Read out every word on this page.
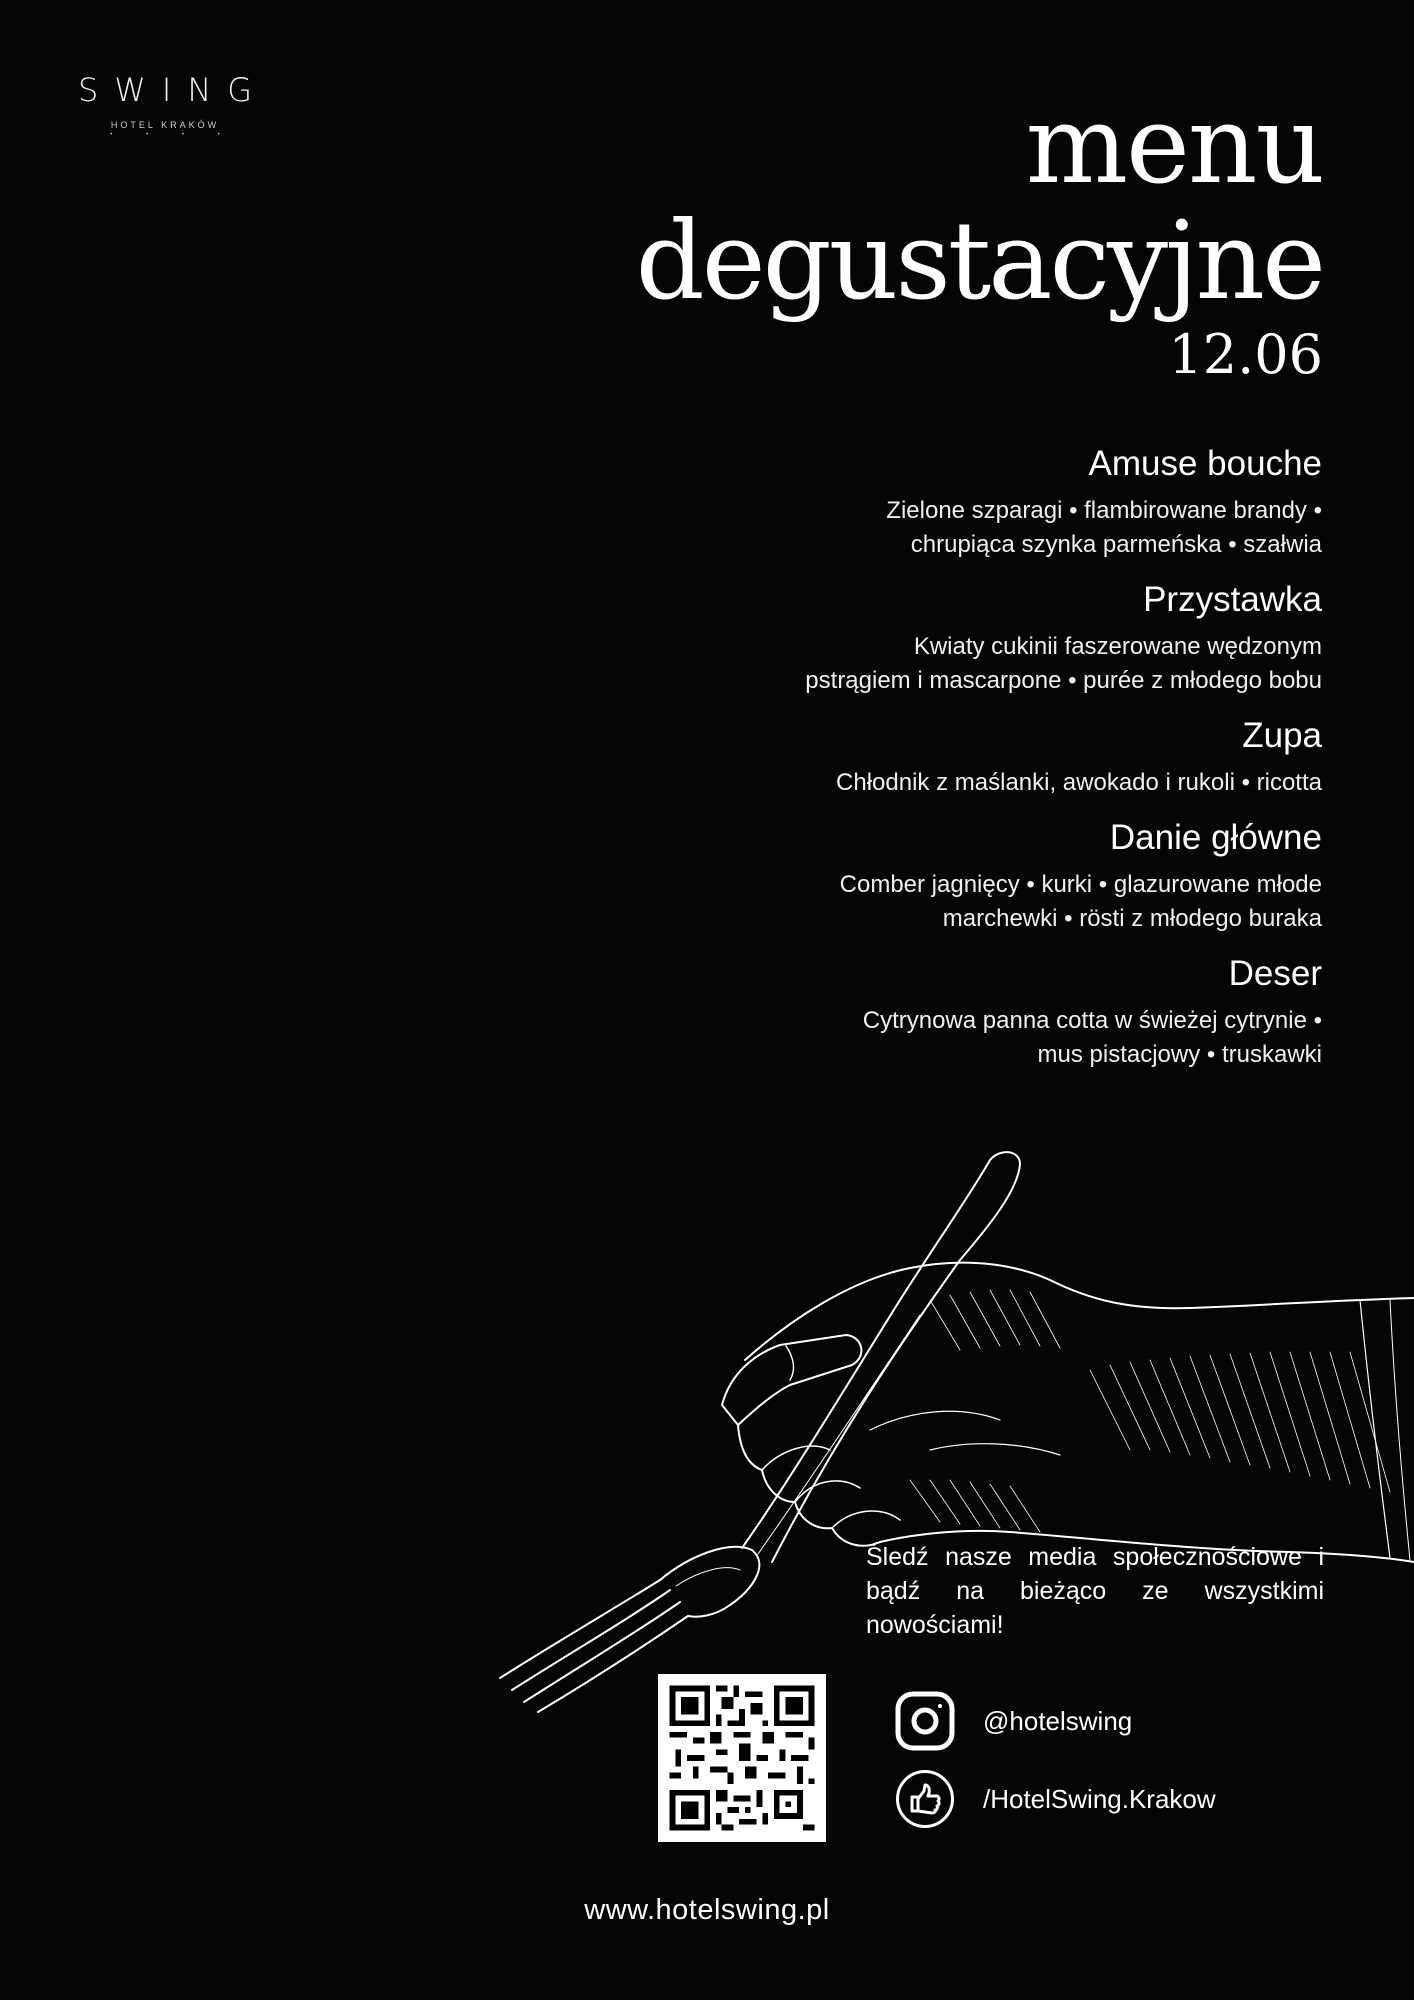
SWING
HOTEL KRAKÓW
• • • •	menu
degustacyjne
12.06
Amuse bouche
Zielone szparagi • flambirowane brandy •
chrupiąca szynka parmeńska • szałwia
Przystawka
Kwiaty cukinii faszerowane wędzonym
pstrągiem i mascarpone • purée z młodego bobu
Zupa
Chłodnik z maślanki, awokado i rukoli • ricotta
Danie główne
Comber jagnięcy • kurki • glazurowane młode
marchewki • rösti z młodego buraka
Deser
Cytrynowa panna cotta w świeżej cytrynie •
mus pistacjowy • truskawki
Śledź nasze media społecznościowe i bądź na bieżąco ze wszystkimi nowościami!
@hotelswing
/HotelSwing.Krakow
www.hotelswing.pl
